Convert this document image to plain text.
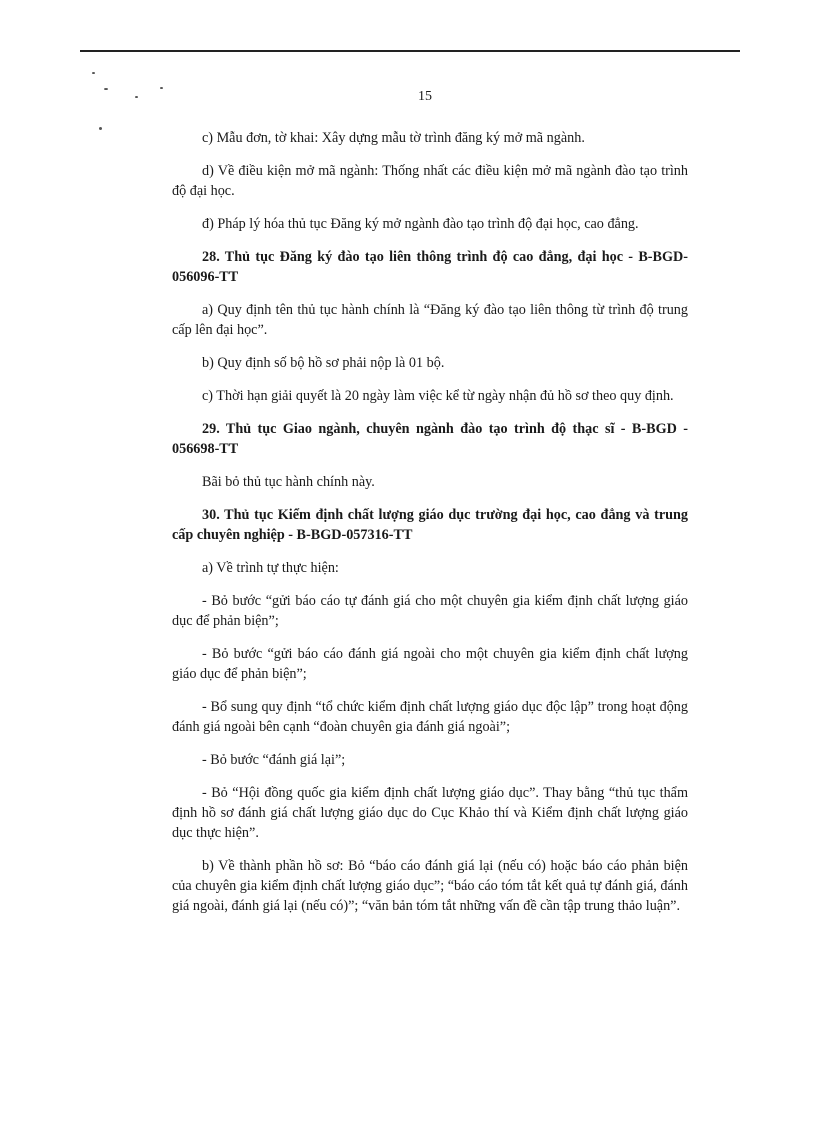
15

c) Mẫu đơn, tờ khai: Xây dựng mẫu tờ trình đăng ký mở mã ngành.

d) Về điều kiện mở mã ngành: Thống nhất các điều kiện mở mã ngành đào tạo trình độ đại học.

đ) Pháp lý hóa thủ tục Đăng ký mở ngành đào tạo trình độ đại học, cao đẳng.

28. Thủ tục Đăng ký đào tạo liên thông trình độ cao đẳng, đại học - B-BGD-056096-TT

a) Quy định tên thủ tục hành chính là “Đăng ký đào tạo liên thông từ trình độ trung cấp lên đại học”.

b) Quy định số bộ hồ sơ phải nộp là 01 bộ.

c) Thời hạn giải quyết là 20 ngày làm việc kể từ ngày nhận đủ hồ sơ theo quy định.

29. Thủ tục Giao ngành, chuyên ngành đào tạo trình độ thạc sĩ - B-BGD - 056698-TT

Bãi bỏ thủ tục hành chính này.

30. Thủ tục Kiểm định chất lượng giáo dục trường đại học, cao đẳng và trung cấp chuyên nghiệp - B-BGD-057316-TT

a) Về trình tự thực hiện:

- Bỏ bước “gửi báo cáo tự đánh giá cho một chuyên gia kiểm định chất lượng giáo dục để phản biện”;

- Bỏ bước “gửi báo cáo đánh giá ngoài cho một chuyên gia kiểm định chất lượng giáo dục để phản biện”;

- Bổ sung quy định “tổ chức kiểm định chất lượng giáo dục độc lập” trong hoạt động đánh giá ngoài bên cạnh “đoàn chuyên gia đánh giá ngoài”;

- Bỏ bước “đánh giá lại”;

- Bỏ “Hội đồng quốc gia kiểm định chất lượng giáo dục”. Thay bằng “thủ tục thẩm định hồ sơ đánh giá chất lượng giáo dục do Cục Khảo thí và Kiểm định chất lượng giáo dục thực hiện”.

b) Về thành phần hồ sơ: Bỏ “báo cáo đánh giá lại (nếu có) hoặc báo cáo phản biện của chuyên gia kiểm định chất lượng giáo dục”; “báo cáo tóm tắt kết quả tự đánh giá, đánh giá ngoài, đánh giá lại (nếu có)”; “văn bản tóm tắt những vấn đề cần tập trung thảo luận”.
